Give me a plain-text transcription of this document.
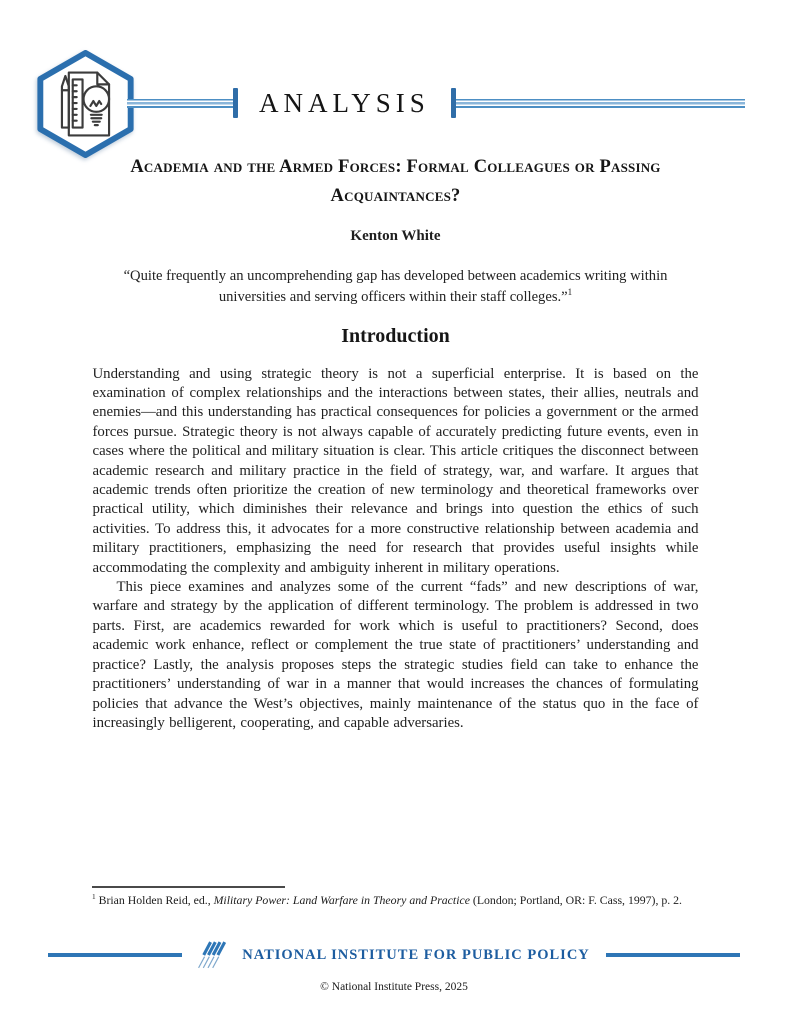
ANALYSIS
Academia and the Armed Forces: Formal Colleagues or Passing Acquaintances?
Kenton White
“Quite frequently an uncomprehending gap has developed between academics writing within universities and serving officers within their staff colleges.”$^1$
Introduction

Understanding and using strategic theory is not a superficial enterprise. It is based on the examination of complex relationships and the interactions between states, their allies, neutrals and enemies—and this understanding has practical consequences for policies a government or the armed forces pursue. Strategic theory is not always capable of accurately predicting future events, even in cases where the political and military situation is clear. This article critiques the disconnect between academic research and military practice in the field of strategy, war, and warfare. It argues that academic trends often prioritize the creation of new terminology and theoretical frameworks over practical utility, which diminishes their relevance and brings into question the ethics of such activities. To address this, it advocates for a more constructive relationship between academia and military practitioners, emphasizing the need for research that provides useful insights while accommodating the complexity and ambiguity inherent in military operations.

This piece examines and analyzes some of the current “fads” and new descriptions of war, warfare and strategy by the application of different terminology. The problem is addressed in two parts. First, are academics rewarded for work which is useful to practitioners? Second, does academic work enhance, reflect or complement the true state of practitioners’ understanding and practice? Lastly, the analysis proposes steps the strategic studies field can take to enhance the practitioners’ understanding of war in a manner that would increases the chances of formulating policies that advance the West’s objectives, mainly maintenance of the status quo in the face of increasingly belligerent, cooperating, and capable adversaries.

$^1$ Brian Holden Reid, ed., Military Power: Land Warfare in Theory and Practice (London; Portland, OR: F. Cass, 1997), p. 2.
NATIONAL INSTITUTE FOR PUBLIC POLICY
© National Institute Press, 2025
